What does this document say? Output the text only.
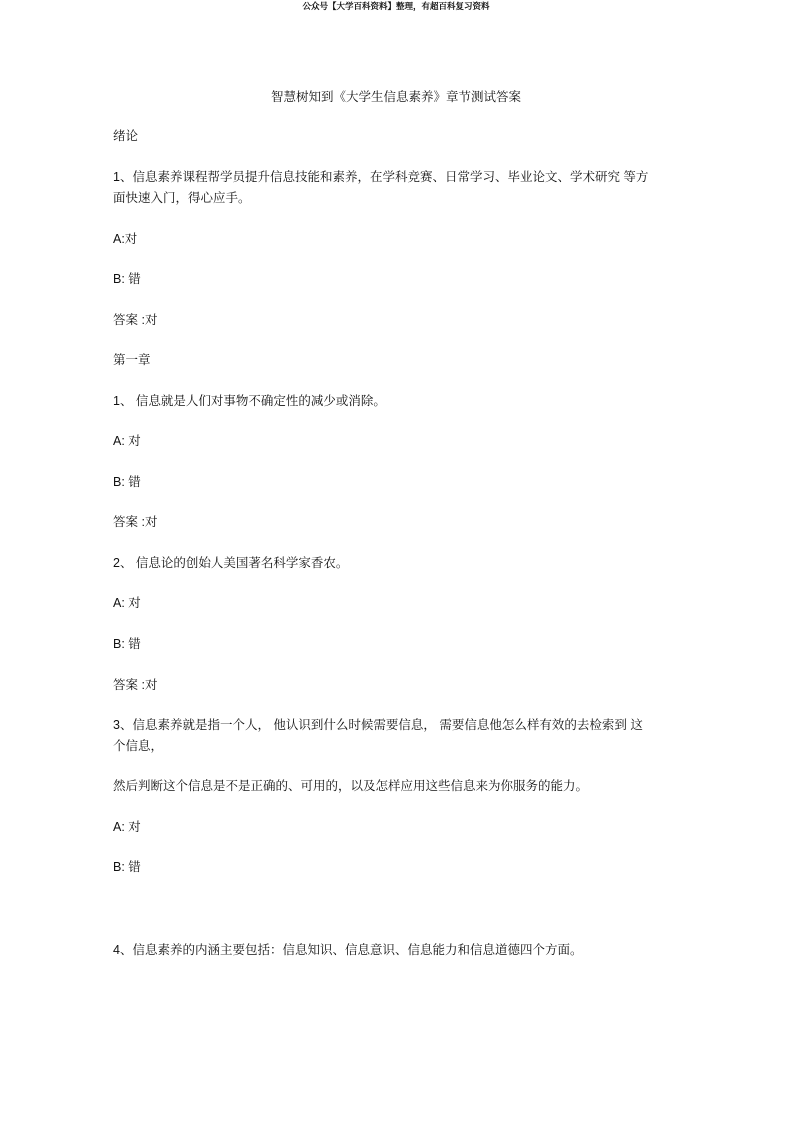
公众号【大学百科资料】整理，有超百科复习资料
智慧树知到《大学生信息素养》章节测试答案
绪论
1、信息素养课程帮学员提升信息技能和素养，在学科竞赛、日常学习、毕业论文、学术研究 等方
面快速入门，得心应手。
A:对
B: 错
答案 :对
第一章
1、 信息就是人们对事物不确定性的减少或消除。
A: 对
B: 错
答案 :对
2、 信息论的创始人美国著名科学家香农。
A: 对
B: 错
答案 :对
3、信息素养就是指一个人， 他认识到什么时候需要信息， 需要信息他怎么样有效的去检索到 这
个信息，
然后判断这个信息是不是正确的、可用的，以及怎样应用这些信息来为你服务的能力。
A: 对
B: 错
4、信息素养的内涵主要包括：信息知识、信息意识、信息能力和信息道德四个方面。
